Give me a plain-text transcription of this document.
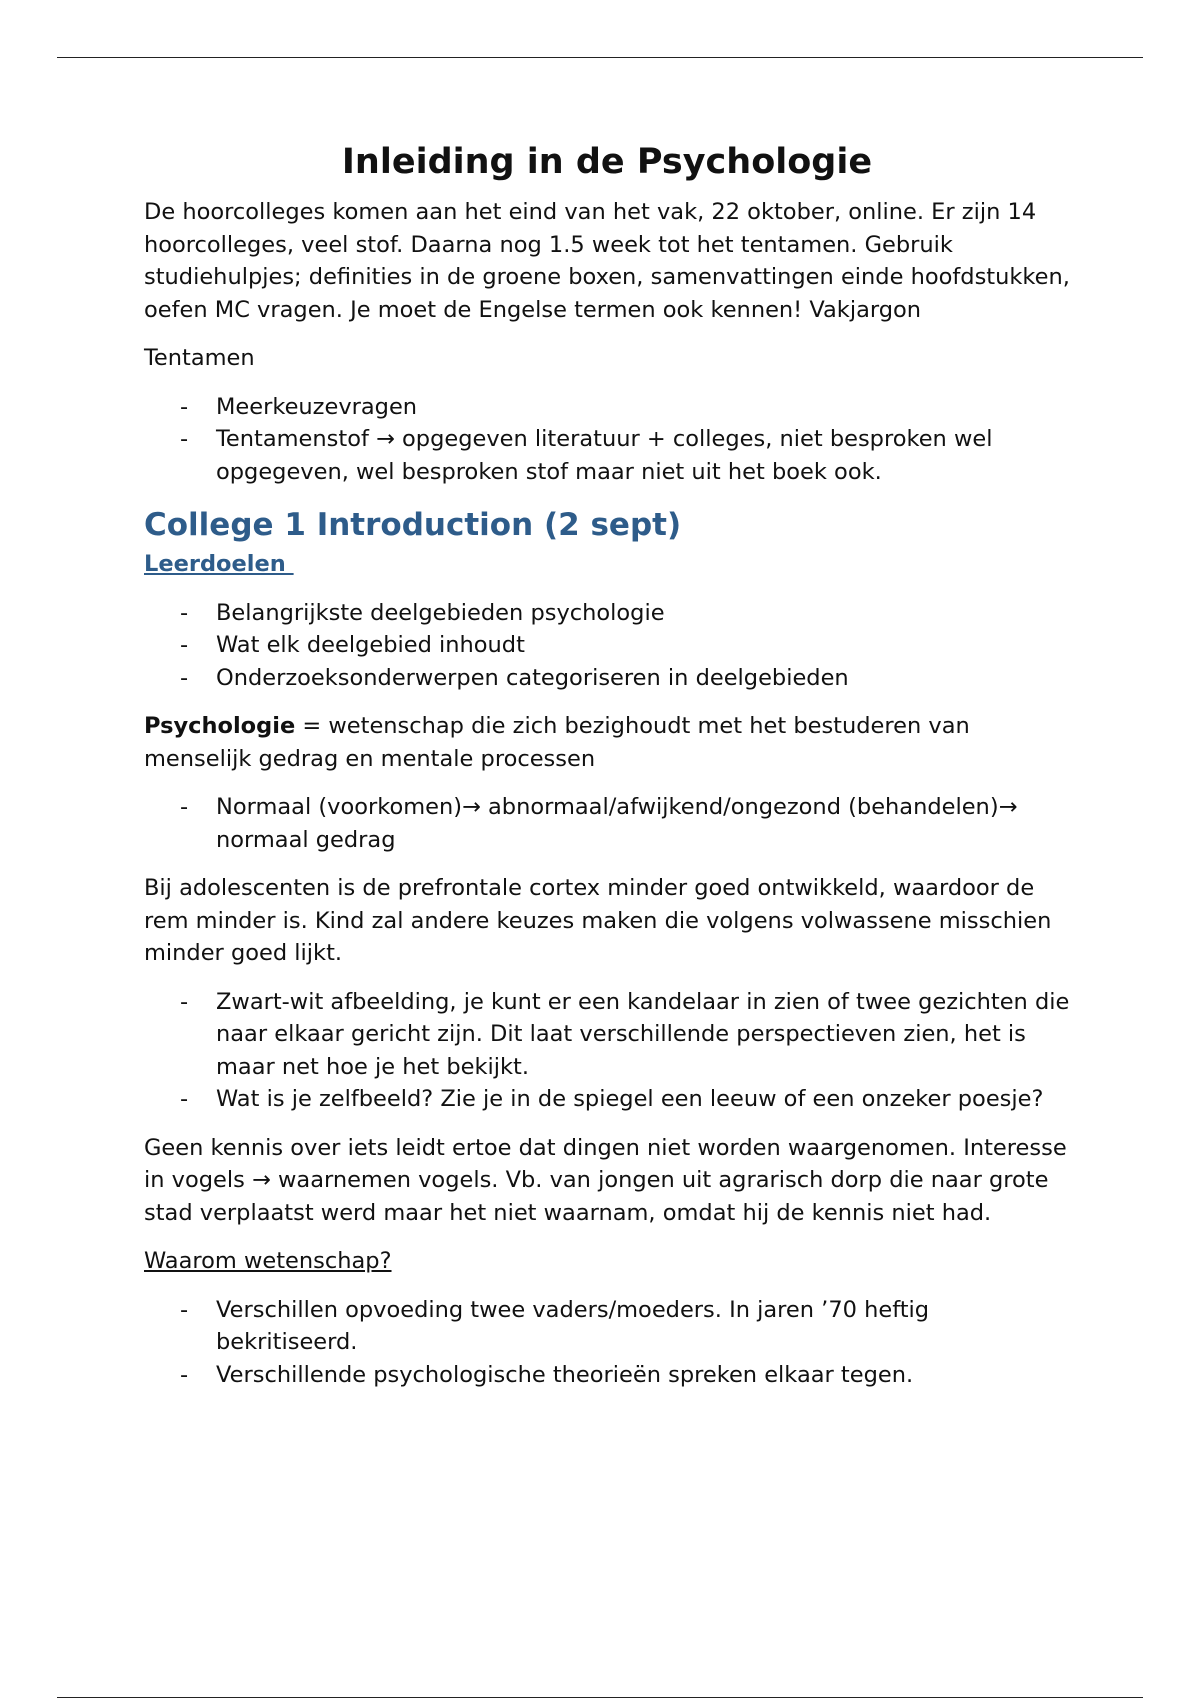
Inleiding in de Psychologie

De hoorcolleges komen aan het eind van het vak, 22 oktober, online. Er zijn 14 hoorcolleges, veel stof. Daarna nog 1.5 week tot het tentamen. Gebruik studiehulpjes; definities in de groene boxen, samenvattingen einde hoofdstukken, oefen MC vragen. Je moet de Engelse termen ook kennen! Vakjargon

Tentamen

- Meerkeuzevragen
- Tentamenstof → opgegeven literatuur + colleges, niet besproken wel opgegeven, wel besproken stof maar niet uit het boek ook.
College 1 Introduction (2 sept)
Leerdoelen
- Belangrijkste deelgebieden psychologie
- Wat elk deelgebied inhoudt
- Onderzoeksonderwerpen categoriseren in deelgebieden

Psychologie = wetenschap die zich bezighoudt met het bestuderen van menselijk gedrag en mentale processen

- Normaal (voorkomen)→ abnormaal/afwijkend/ongezond (behandelen)→ normaal gedrag

Bij adolescenten is de prefrontale cortex minder goed ontwikkeld, waardoor de rem minder is. Kind zal andere keuzes maken die volgens volwassene misschien minder goed lijkt.

- Zwart-wit afbeelding, je kunt er een kandelaar in zien of twee gezichten die naar elkaar gericht zijn. Dit laat verschillende perspectieven zien, het is maar net hoe je het bekijkt.
- Wat is je zelfbeeld? Zie je in de spiegel een leeuw of een onzeker poesje?

Geen kennis over iets leidt ertoe dat dingen niet worden waargenomen. Interesse in vogels → waarnemen vogels. Vb. van jongen uit agrarisch dorp die naar grote stad verplaatst werd maar het niet waarnam, omdat hij de kennis niet had.

Waarom wetenschap?

- Verschillen opvoeding twee vaders/moeders. In jaren ’70 heftig bekritiseerd.
- Verschillende psychologische theorieën spreken elkaar tegen.
